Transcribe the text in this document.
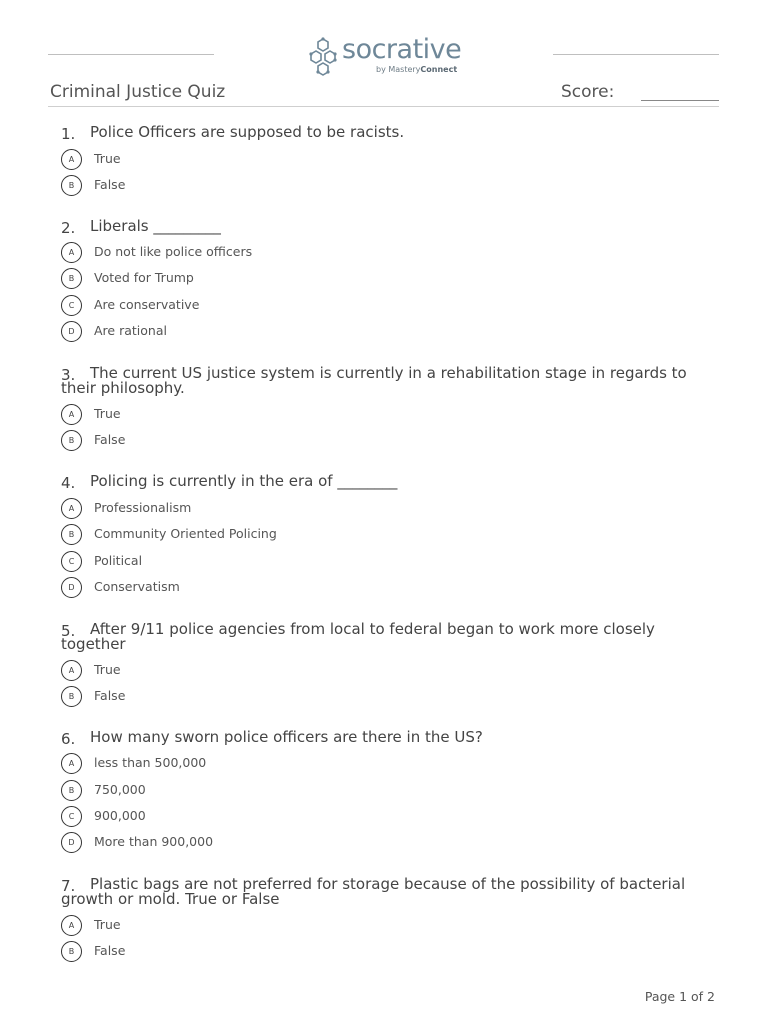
socrative
by MasteryConnect
Criminal Justice Quiz	Score:
1. Police Officers are supposed to be racists.
A	True
B	False
2. Liberals _________
A	Do not like police officers
B	Voted for Trump
C	Are conservative
D	Are rational
3. The current US justice system is currently in a rehabilitation stage in regards to their philosophy.
A	True
B	False
4. Policing is currently in the era of ________
A	Professionalism
B	Community Oriented Policing
C	Political
D	Conservatism
5. After 9/11 police agencies from local to federal began to work more closely together
A	True
B	False
6. How many sworn police officers are there in the US?
A	less than 500,000
B	750,000
C	900,000
D	More than 900,000
7. Plastic bags are not preferred for storage because of the possibility of bacterial growth or mold. True or False
A	True
B	False
Page 1 of 2
